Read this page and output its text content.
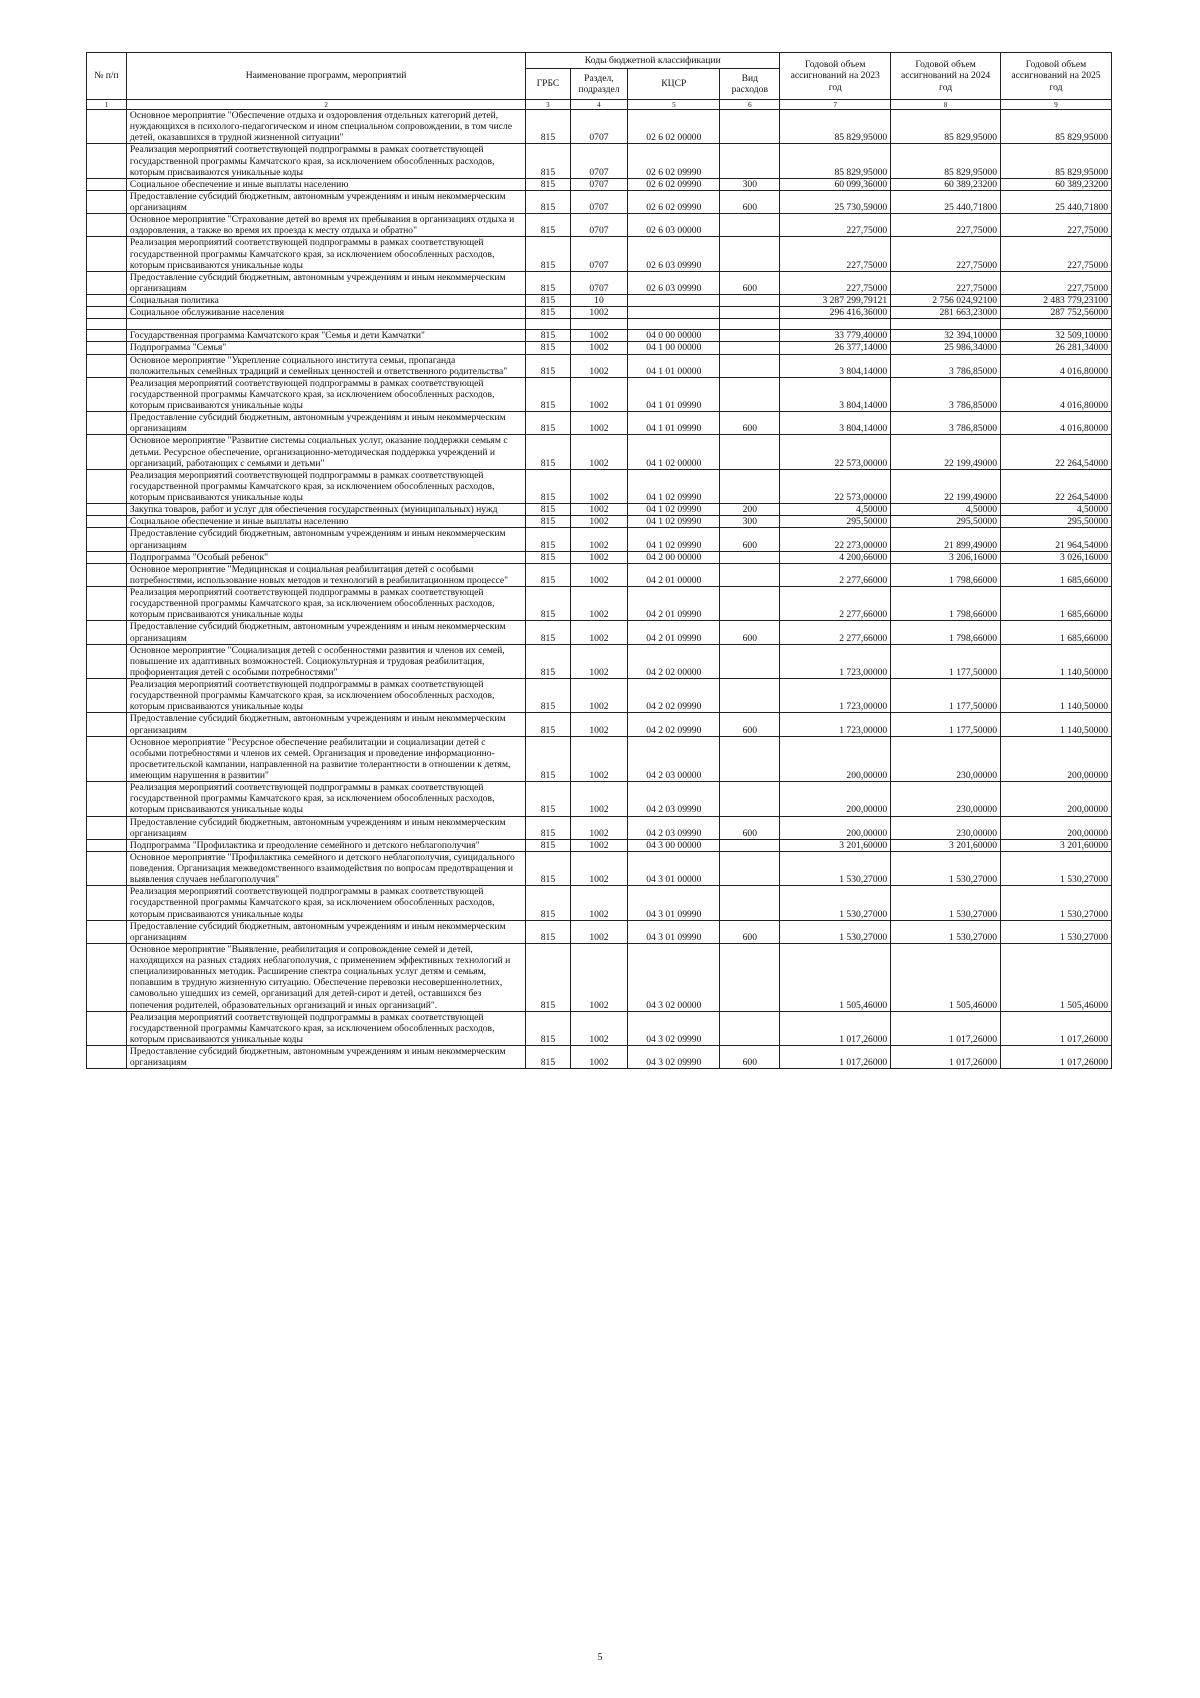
№ п/п	Наименование программ, мероприятий	Коды бюджетной классификации				Годовой объем ассигнований на 2023 год	Годовой объем ассигнований на 2024 год	Годовой объем ассигнований на 2025 год
		ГРБС	Раздел, подраздел	КЦСР	Вид расходов			
1	2	3	4	5	6	7	8	9
	Основное мероприятие "Обеспечение отдыха и оздоровления отдельных категорий детей, нуждающихся в психолого-педагогическом и ином специальном сопровождении, в том числе детей, оказавшихся в трудной жизненной ситуации"	815	0707	02 6 02 00000		85 829,95000	85 829,95000	85 829,95000
	Реализация мероприятий соответствующей подпрограммы в рамках соответствующей государственной программы Камчатского края, за исключением обособленных расходов, которым присваиваются уникальные коды	815	0707	02 6 02 09990		85 829,95000	85 829,95000	85 829,95000
	Социальное обеспечение и иные выплаты населению	815	0707	02 6 02 09990	300	60 099,36000	60 389,23200	60 389,23200
	Предоставление субсидий бюджетным, автономным учреждениям и иным некоммерческим организациям	815	0707	02 6 02 09990	600	25 730,59000	25 440,71800	25 440,71800
	Основное мероприятие "Страхование детей во время их пребывания в организациях отдыха и оздоровления, а также во время их проезда к месту отдыха и обратно"	815	0707	02 6 03 00000		227,75000	227,75000	227,75000
	Реализация мероприятий соответствующей подпрограммы в рамках соответствующей государственной программы Камчатского края, за исключением обособленных расходов, которым присваиваются уникальные коды	815	0707	02 6 03 09990		227,75000	227,75000	227,75000
	Предоставление субсидий бюджетным, автономным учреждениям и иным некоммерческим организациям	815	0707	02 6 03 09990	600	227,75000	227,75000	227,75000
	Социальная политика	815	10			3 287 299,79121	2 756 024,92100	2 483 779,23100
	Социальное обслуживание населения	815	1002			296 416,36000	281 663,23000	287 752,56000

	Государственная программа Камчатского края "Семья и дети Камчатки"	815	1002	04 0 00 00000		33 779,40000	32 394,10000	32 509,10000
	Подпрограмма "Семья"	815	1002	04 1 00 00000		26 377,14000	25 986,34000	26 281,34000
	Основное мероприятие "Укрепление социального института семьи, пропаганда положительных семейных традиций и семейных ценностей и ответственного родительства"	815	1002	04 1 01 00000		3 804,14000	3 786,85000	4 016,80000
	Реализация мероприятий соответствующей подпрограммы в рамках соответствующей государственной программы Камчатского края, за исключением обособленных расходов, которым присваиваются уникальные коды	815	1002	04 1 01 09990		3 804,14000	3 786,85000	4 016,80000
	Предоставление субсидий бюджетным, автономным учреждениям и иным некоммерческим организациям	815	1002	04 1 01 09990	600	3 804,14000	3 786,85000	4 016,80000
	Основное мероприятие "Развитие системы социальных услуг, оказание поддержки семьям с детьми. Ресурсное обеспечение, организационно-методическая поддержка учреждений и организаций, работающих с семьями и детьми"	815	1002	04 1 02 00000		22 573,00000	22 199,49000	22 264,54000
	Реализация мероприятий соответствующей подпрограммы в рамках соответствующей государственной программы Камчатского края, за исключением обособленных расходов, которым присваиваются уникальные коды	815	1002	04 1 02 09990		22 573,00000	22 199,49000	22 264,54000
	Закупка товаров, работ и услуг для обеспечения государственных (муниципальных) нужд	815	1002	04 1 02 09990	200	4,50000	4,50000	4,50000
	Социальное обеспечение и иные выплаты населению	815	1002	04 1 02 09990	300	295,50000	295,50000	295,50000
	Предоставление субсидий бюджетным, автономным учреждениям и иным некоммерческим организациям	815	1002	04 1 02 09990	600	22 273,00000	21 899,49000	21 964,54000
	Подпрограмма "Особый ребенок"	815	1002	04 2 00 00000		4 200,66000	3 206,16000	3 026,16000
	Основное мероприятие "Медицинская и социальная реабилитация детей с особыми потребностями, использование новых методов и технологий в реабилитационном процессе"	815	1002	04 2 01 00000		2 277,66000	1 798,66000	1 685,66000
	Реализация мероприятий соответствующей подпрограммы в рамках соответствующей государственной программы Камчатского края, за исключением обособленных расходов, которым присваиваются уникальные коды	815	1002	04 2 01 09990		2 277,66000	1 798,66000	1 685,66000
	Предоставление субсидий бюджетным, автономным учреждениям и иным некоммерческим организациям	815	1002	04 2 01 09990	600	2 277,66000	1 798,66000	1 685,66000
	Основное мероприятие "Социализация детей с особенностями развития и членов их семей, повышение их адаптивных возможностей. Социокультурная и трудовая реабилитация, профориентация детей с особыми потребностями"	815	1002	04 2 02 00000		1 723,00000	1 177,50000	1 140,50000
	Реализация мероприятий соответствующей подпрограммы в рамках соответствующей государственной программы Камчатского края, за исключением обособленных расходов, которым присваиваются уникальные коды	815	1002	04 2 02 09990		1 723,00000	1 177,50000	1 140,50000
	Предоставление субсидий бюджетным, автономным учреждениям и иным некоммерческим организациям	815	1002	04 2 02 09990	600	1 723,00000	1 177,50000	1 140,50000
	Основное мероприятие "Ресурсное обеспечение реабилитации и социализации детей с особыми потребностями и членов их семей. Организация и проведение информационно-просветительской кампании, направленной на развитие толерантности в отношении к детям, имеющим нарушения в развитии"	815	1002	04 2 03 00000		200,00000	230,00000	200,00000
	Реализация мероприятий соответствующей подпрограммы в рамках соответствующей государственной программы Камчатского края, за исключением обособленных расходов, которым присваиваются уникальные коды	815	1002	04 2 03 09990		200,00000	230,00000	200,00000
	Предоставление субсидий бюджетным, автономным учреждениям и иным некоммерческим организациям	815	1002	04 2 03 09990	600	200,00000	230,00000	200,00000
	Подпрограмма "Профилактика и преодоление семейного и детского неблагополучия"	815	1002	04 3 00 00000		3 201,60000	3 201,60000	3 201,60000
	Основное мероприятие "Профилактика семейного и детского неблагополучия, суицидального поведения. Организация межведомственного взаимодействия по вопросам предотвращения и выявления случаев неблагополучия"	815	1002	04 3 01 00000		1 530,27000	1 530,27000	1 530,27000
	Реализация мероприятий соответствующей подпрограммы в рамках соответствующей государственной программы Камчатского края, за исключением обособленных расходов, которым присваиваются уникальные коды	815	1002	04 3 01 09990		1 530,27000	1 530,27000	1 530,27000
	Предоставление субсидий бюджетным, автономным учреждениям и иным некоммерческим организациям	815	1002	04 3 01 09990	600	1 530,27000	1 530,27000	1 530,27000
	Основное мероприятие "Выявление, реабилитация и сопровождение семей и детей, находящихся на разных стадиях неблагополучия, с применением эффективных технологий и специализированных методик. Расширение спектра социальных услуг детям и семьям, попавшим в трудную жизненную ситуацию. Обеспечение перевозки несовершеннолетних, самовольно ушедших из семей, организаций для детей-сирот и детей, оставшихся без попечения родителей, образовательных организаций и иных организаций".	815	1002	04 3 02 00000		1 505,46000	1 505,46000	1 505,46000
	Реализация мероприятий соответствующей подпрограммы в рамках соответствующей государственной программы Камчатского края, за исключением обособленных расходов, которым присваиваются уникальные коды	815	1002	04 3 02 09990		1 017,26000	1 017,26000	1 017,26000
	Предоставление субсидий бюджетным, автономным учреждениям и иным некоммерческим организациям	815	1002	04 3 02 09990	600	1 017,26000	1 017,26000	1 017,26000
5
